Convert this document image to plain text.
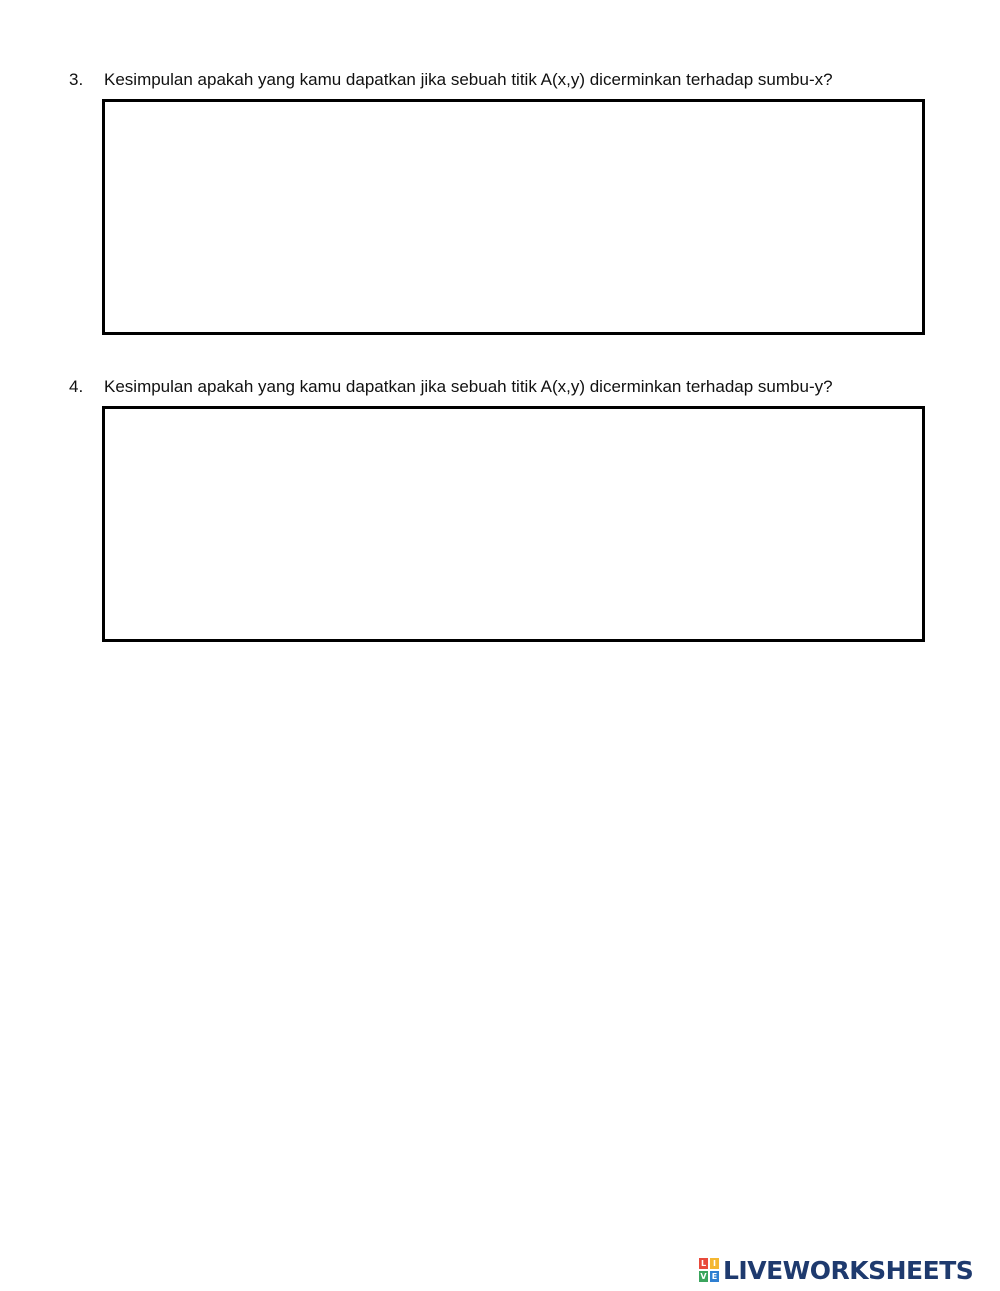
3. Kesimpulan apakah yang kamu dapatkan jika sebuah titik A(x,y) dicerminkan terhadap sumbu-x?
4. Kesimpulan apakah yang kamu dapatkan jika sebuah titik A(x,y) dicerminkan terhadap sumbu-y?
L I
V E LIVEWORKSHEETS
